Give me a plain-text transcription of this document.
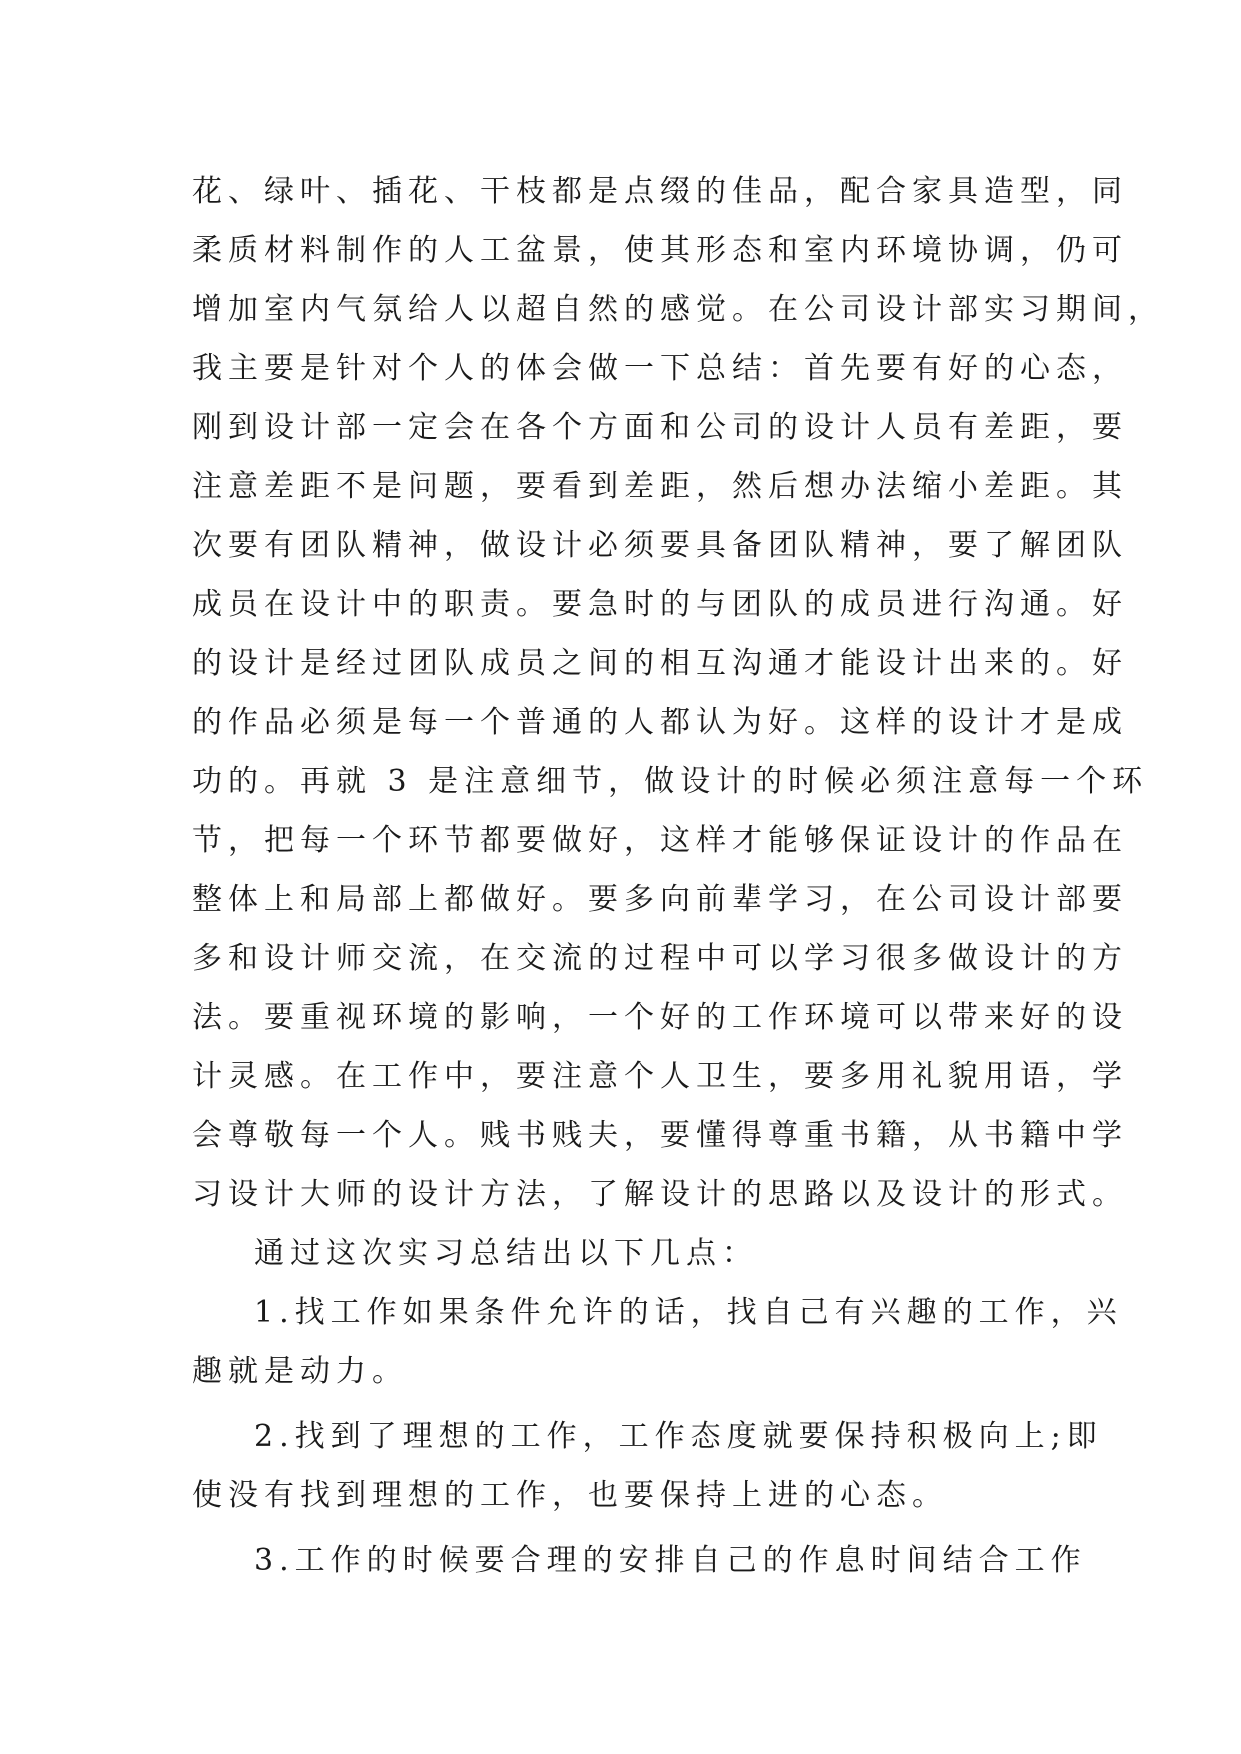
花、绿叶、插花、干枝都是点缀的佳品，配合家具造型，同
柔质材料制作的人工盆景，使其形态和室内环境协调，仍可
增加室内气氛给人以超自然的感觉。在公司设计部实习期间，
我主要是针对个人的体会做一下总结：首先要有好的心态，
刚到设计部一定会在各个方面和公司的设计人员有差距，要
注意差距不是问题，要看到差距，然后想办法缩小差距。其
次要有团队精神，做设计必须要具备团队精神，要了解团队
成员在设计中的职责。要急时的与团队的成员进行沟通。好
的设计是经过团队成员之间的相互沟通才能设计出来的。好
的作品必须是每一个普通的人都认为好。这样的设计才是成
功的。再就 3 是注意细节，做设计的时候必须注意每一个环
节，把每一个环节都要做好，这样才能够保证设计的作品在
整体上和局部上都做好。要多向前辈学习，在公司设计部要
多和设计师交流，在交流的过程中可以学习很多做设计的方
法。要重视环境的影响，一个好的工作环境可以带来好的设
计灵感。在工作中，要注意个人卫生，要多用礼貌用语，学
会尊敬每一个人。贱书贱夫，要懂得尊重书籍，从书籍中学
习设计大师的设计方法，了解设计的思路以及设计的形式。
通过这次实习总结出以下几点：
1.找工作如果条件允许的话，找自己有兴趣的工作，兴
趣就是动力。
2.找到了理想的工作，工作态度就要保持积极向上;即
使没有找到理想的工作，也要保持上进的心态。
3.工作的时候要合理的安排自己的作息时间结合工作
